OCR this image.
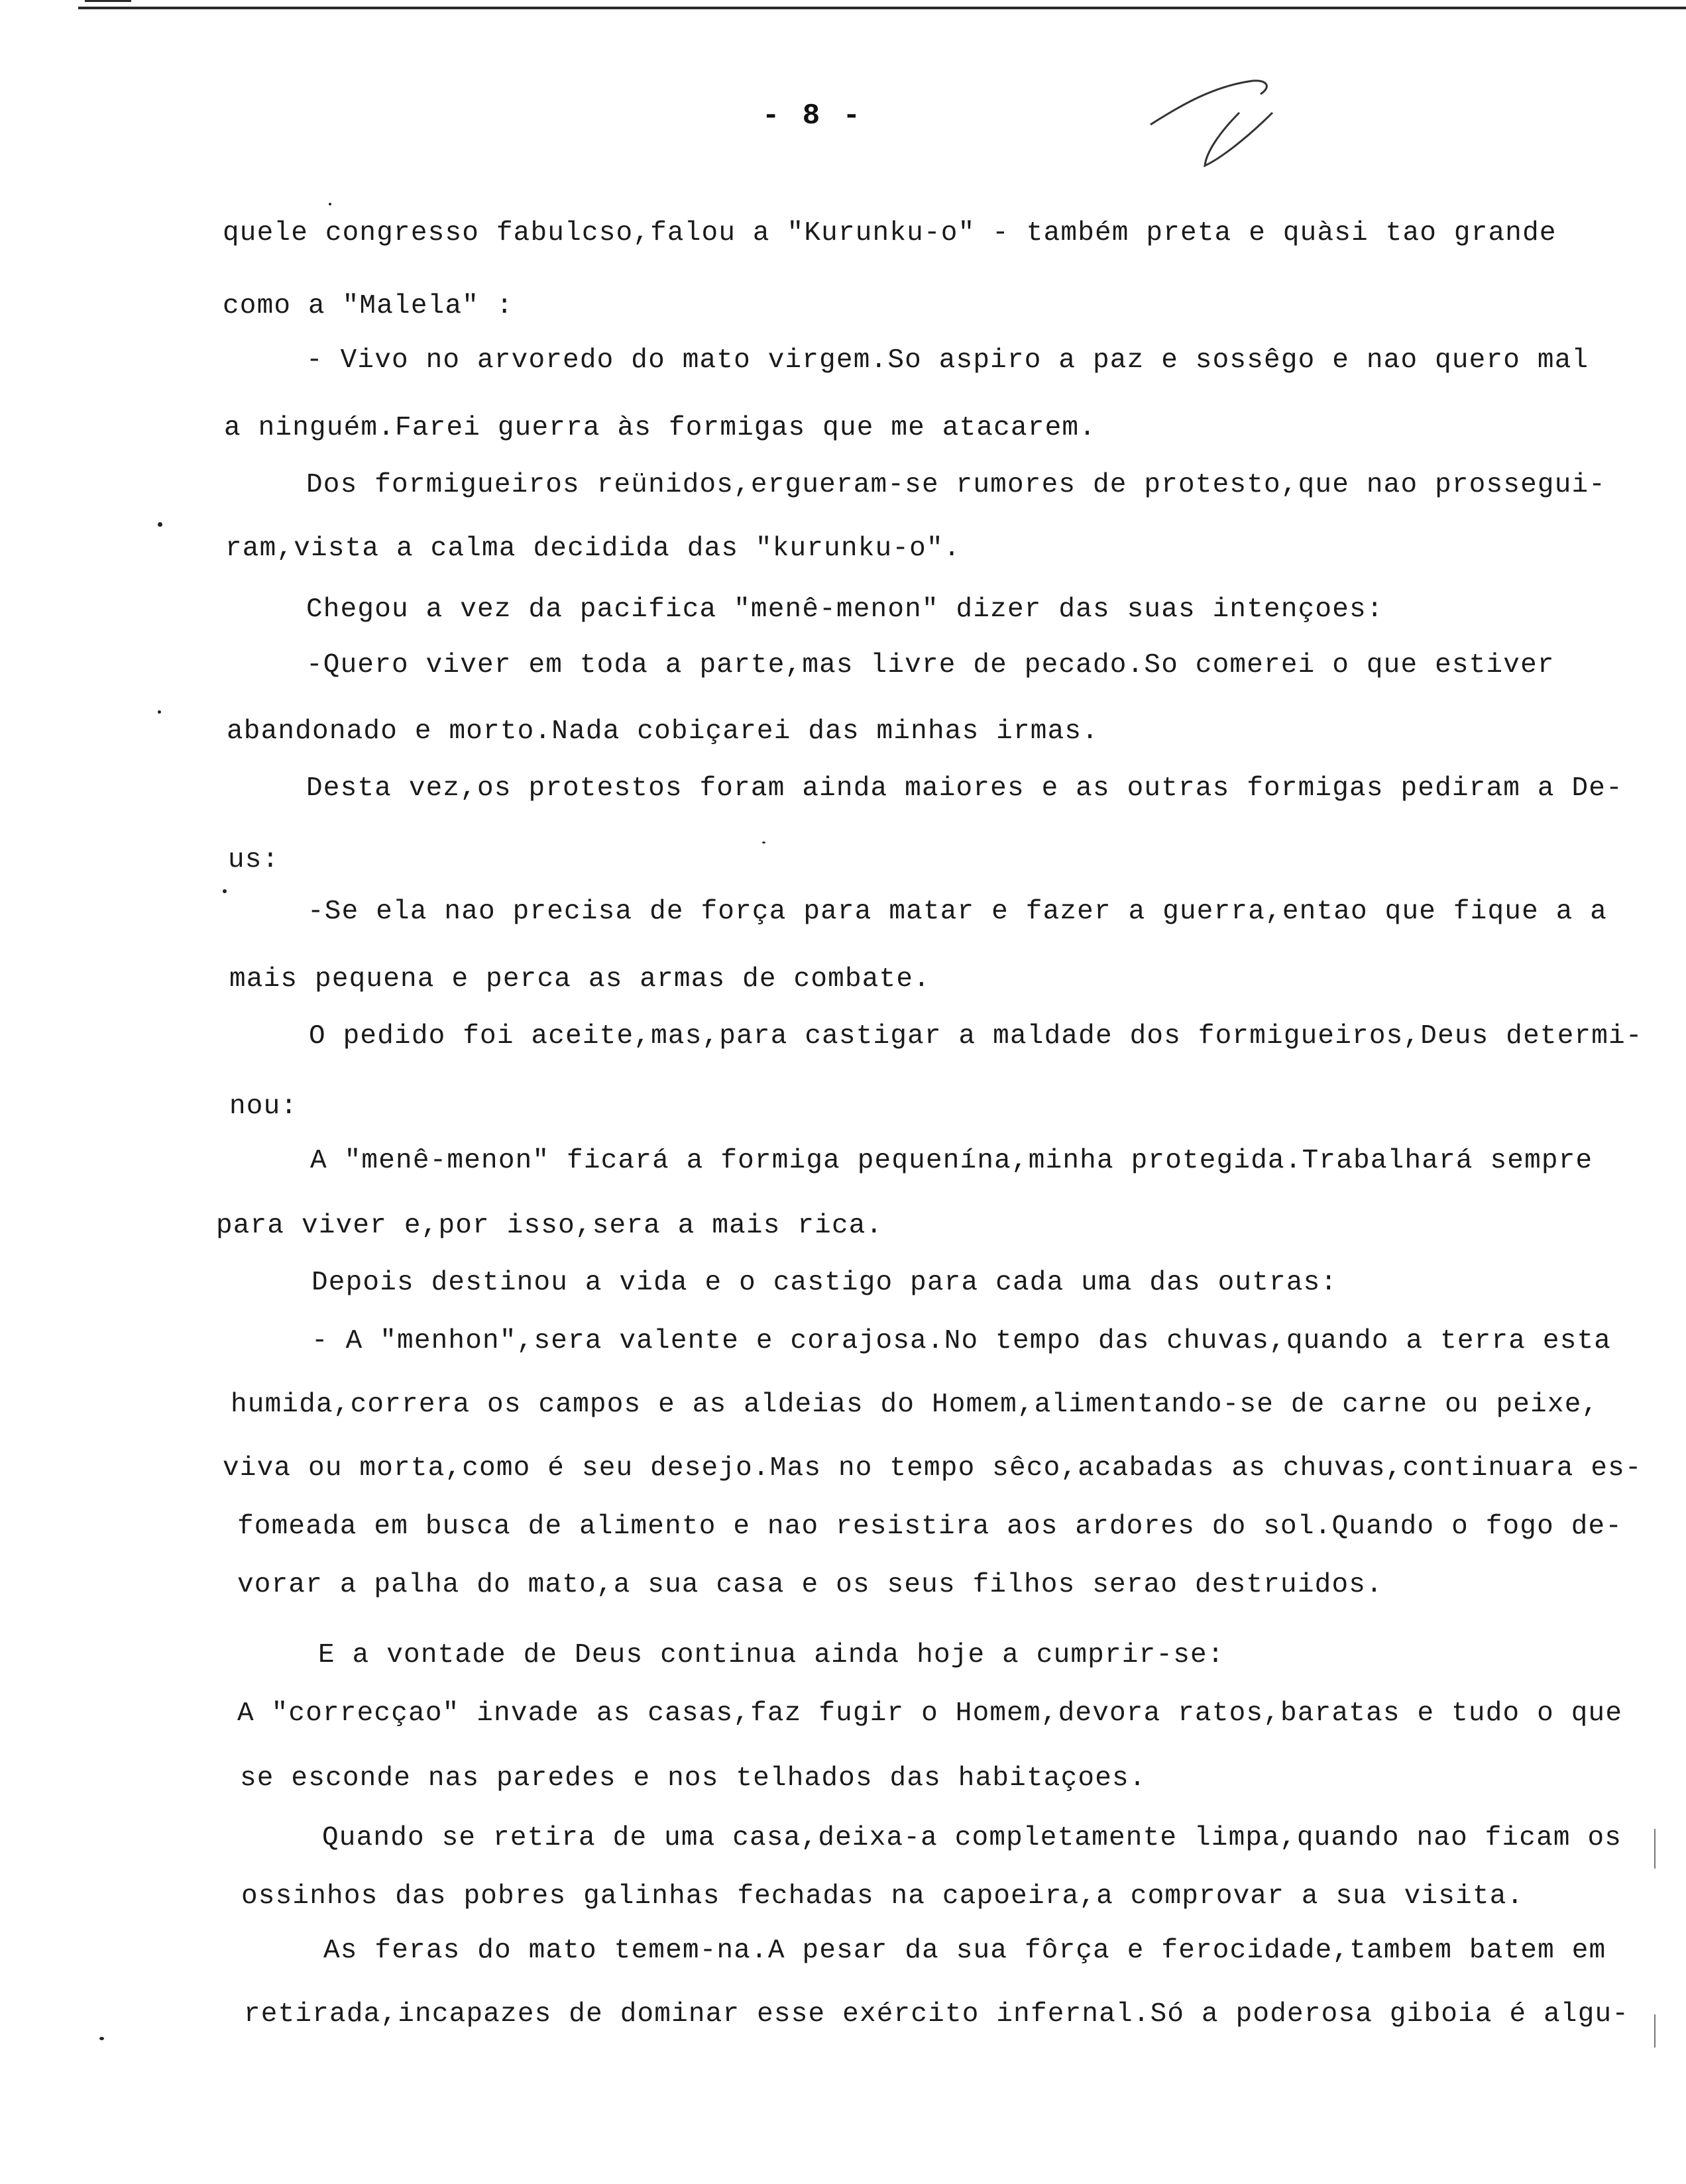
- 8 -
quele congresso fabulcso,falou a "Kurunku-o" - também preta e quàsi tao grande
como a "Malela" :
- Vivo no arvoredo do mato virgem.So aspiro a paz e sossêgo e nao quero mal
a ninguém.Farei guerra às formigas que me atacarem.
Dos formigueiros reünidos,ergueram-se rumores de protesto,que nao prossegui-
ram,vista a calma decidida das "kurunku-o".
Chegou a vez da pacifica "menê-menon" dizer das suas intençoes:
-Quero viver em toda a parte,mas livre de pecado.So comerei o que estiver
abandonado e morto.Nada cobiçarei das minhas irmas.
Desta vez,os protestos foram ainda maiores e as outras formigas pediram a De-
us:
-Se ela nao precisa de força para matar e fazer a guerra,entao que fique a a
mais pequena e perca as armas de combate.
O pedido foi aceite,mas,para castigar a maldade dos formigueiros,Deus determi-
nou:
A "menê-menon" ficará a formiga pequenína,minha protegida.Trabalhará sempre
para viver e,por isso,sera a mais rica.
Depois destinou a vida e o castigo para cada uma das outras:
- A "menhon",sera valente e corajosa.No tempo das chuvas,quando a terra esta
humida,correra os campos e as aldeias do Homem,alimentando-se de carne ou peixe,
viva ou morta,como é seu desejo.Mas no tempo sêco,acabadas as chuvas,continuara es-
fomeada em busca de alimento e nao resistira aos ardores do sol.Quando o fogo de-
vorar a palha do mato,a sua casa e os seus filhos serao destruidos.
E a vontade de Deus continua ainda hoje a cumprir-se:
A "correcçao" invade as casas,faz fugir o Homem,devora ratos,baratas e tudo o que
se esconde nas paredes e nos telhados das habitaçoes.
Quando se retira de uma casa,deixa-a completamente limpa,quando nao ficam os
ossinhos das pobres galinhas fechadas na capoeira,a comprovar a sua visita.
As feras do mato temem-na.A pesar da sua fôrça e ferocidade,tambem batem em
retirada,incapazes de dominar esse exército infernal.Só a poderosa giboia é algu-
